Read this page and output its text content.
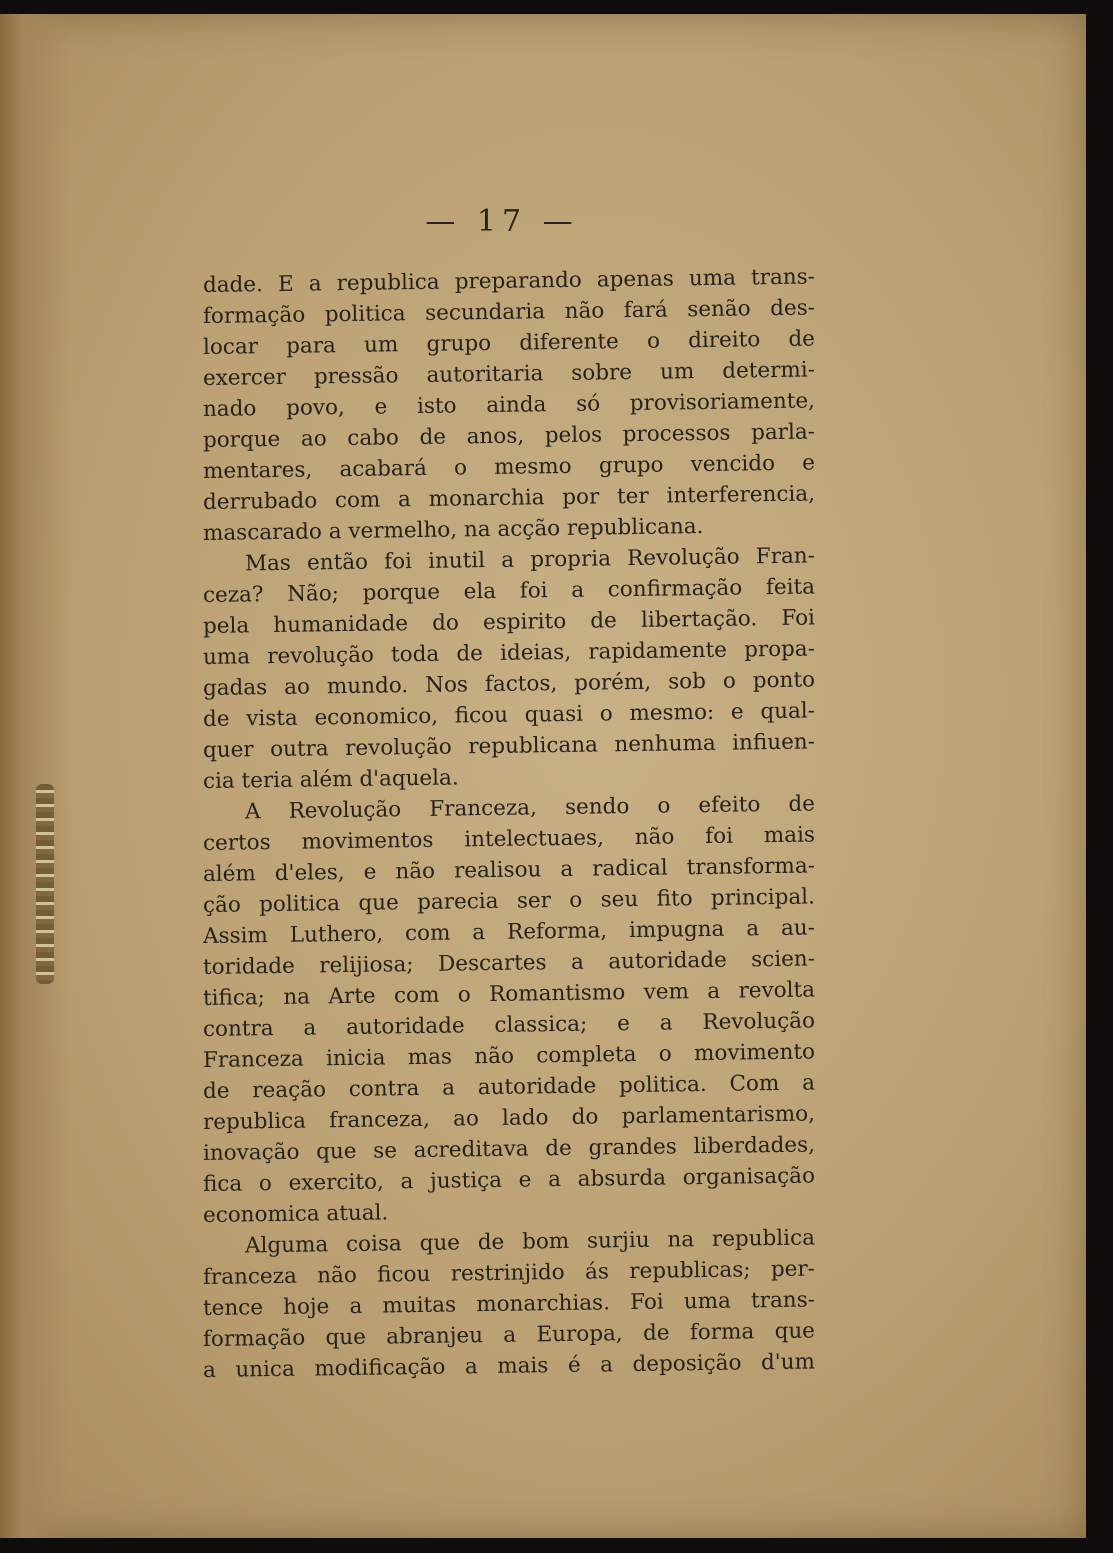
— 17 —
dade. E a republica preparando apenas uma trans-
formação politica secundaria não fará senão des-
locar para um grupo diferente o direito de
exercer pressão autoritaria sobre um determi-
nado povo, e isto ainda só provisoriamente,
porque ao cabo de anos, pelos processos parla-
mentares, acabará o mesmo grupo vencido e
derrubado com a monarchia por ter interferencia,
mascarado a vermelho, na acção republicana.
Mas então foi inutil a propria Revolução Fran-
ceza? Não; porque ela foi a confirmação feita
pela humanidade do espirito de libertação. Foi
uma revolução toda de ideias, rapidamente propa-
gadas ao mundo. Nos factos, porém, sob o ponto
de vista economico, ficou quasi o mesmo: e qual-
quer outra revolução republicana nenhuma infiuen-
cia teria além d'aquela.
A Revolução Franceza, sendo o efeito de
certos movimentos intelectuaes, não foi mais
além d'eles, e não realisou a radical transforma-
ção politica que parecia ser o seu fito principal.
Assim Luthero, com a Reforma, impugna a au-
toridade relijiosa; Descartes a autoridade scien-
tifica; na Arte com o Romantismo vem a revolta
contra a autoridade classica; e a Revolução
Franceza inicia mas não completa o movimento
de reação contra a autoridade politica. Com a
republica franceza, ao lado do parlamentarismo,
inovação que se acreditava de grandes liberdades,
fica o exercito, a justiça e a absurda organisação
economica atual.
Alguma coisa que de bom surjiu na republica
franceza não ficou restrinjido ás republicas; per-
tence hoje a muitas monarchias. Foi uma trans-
formação que abranjeu a Europa, de forma que
a unica modificação a mais é a deposição d'um
